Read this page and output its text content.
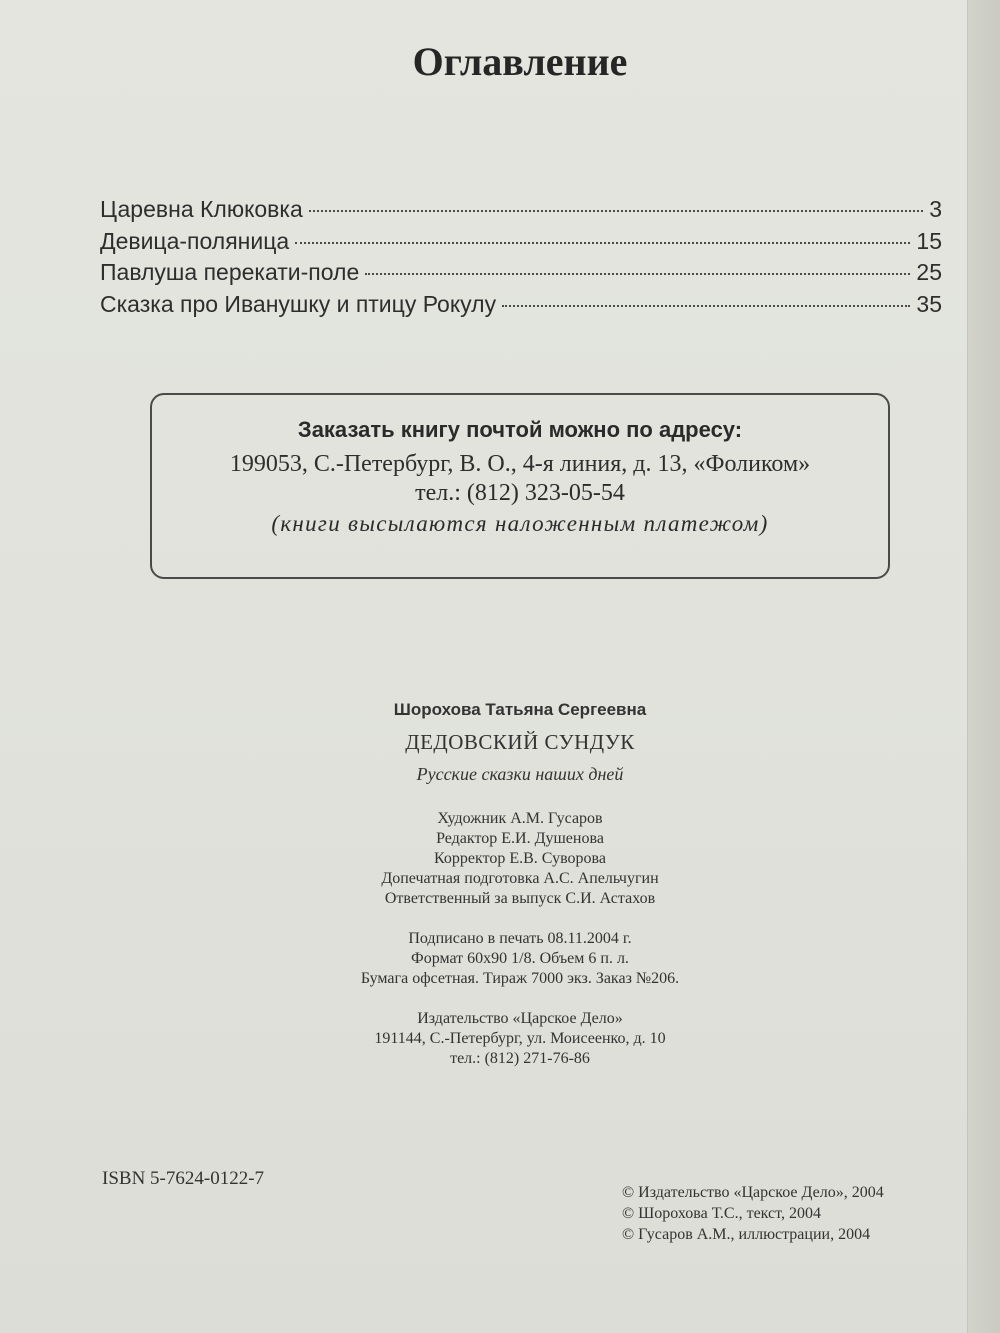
Оглавление
Царевна Клюковка	3
Девица-поляница	15
Павлуша перекати-поле	25
Сказка про Иванушку и птицу Рокулу	35
Заказать книгу почтой можно по адресу:
199053, С.-Петербург, В. О., 4-я линия, д. 13, «Фоликом»
тел.: (812) 323-05-54
(книги высылаются наложенным платежом)
Шорохова Татьяна Сергеевна
ДЕДОВСКИЙ СУНДУК
Русские сказки наших дней
Художник А.М. Гусаров
Редактор Е.И. Душенова
Корректор Е.В. Суворова
Допечатная подготовка А.С. Апельчугин
Ответственный за выпуск С.И. Астахов
Подписано в печать 08.11.2004 г.
Формат 60х90 1/8. Объем 6 п. л.
Бумага офсетная. Тираж 7000 экз. Заказ №206.
Издательство «Царское Дело»
191144, С.-Петербург, ул. Моисеенко, д. 10
тел.: (812) 271-76-86
ISBN 5-7624-0122-7
© Издательство «Царское Дело», 2004
© Шорохова Т.С., текст, 2004
© Гусаров А.М., иллюстрации, 2004
